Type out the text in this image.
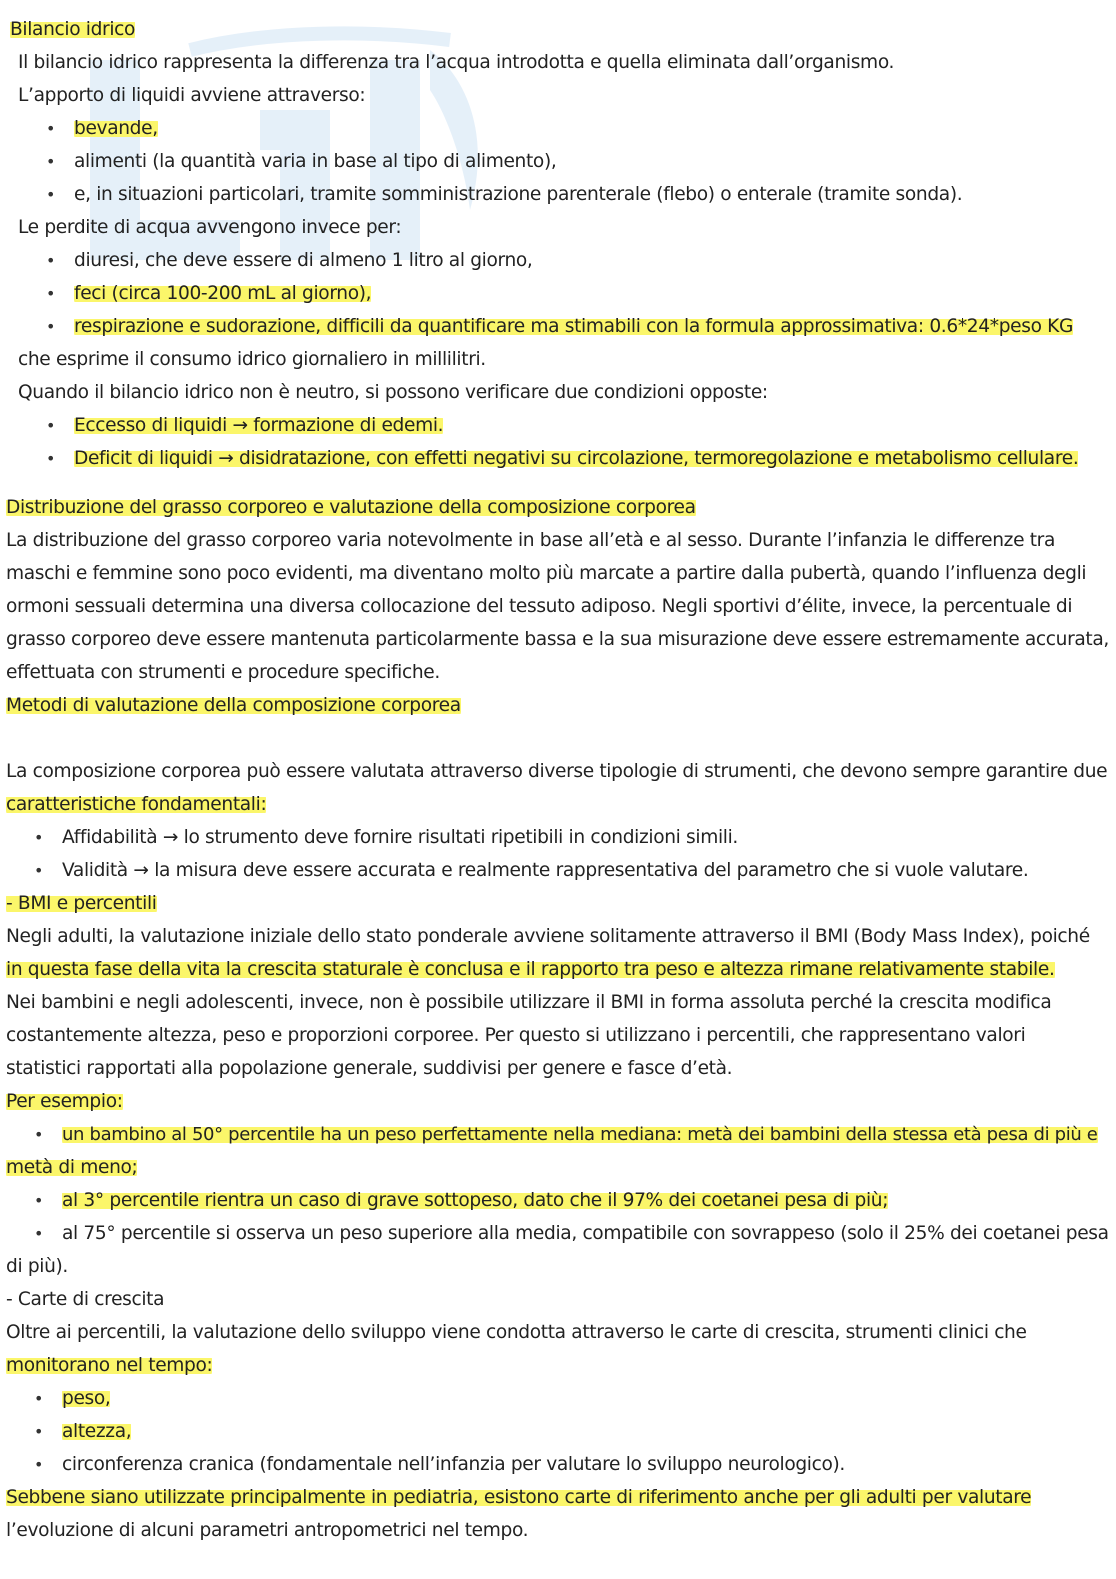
Bilancio idrico
Il bilancio idrico rappresenta la differenza tra l’acqua introdotta e quella eliminata dall’organismo.
L’apporto di liquidi avviene attraverso:
• bevande,
• alimenti (la quantità varia in base al tipo di alimento),
• e, in situazioni particolari, tramite somministrazione parenterale (flebo) o enterale (tramite sonda).
Le perdite di acqua avvengono invece per:
• diuresi, che deve essere di almeno 1 litro al giorno,
• feci (circa 100-200 mL al giorno),
• respirazione e sudorazione, difficili da quantificare ma stimabili con la formula approssimativa: 0.6*24*peso KG
che esprime il consumo idrico giornaliero in millilitri.
Quando il bilancio idrico non è neutro, si possono verificare due condizioni opposte:
• Eccesso di liquidi → formazione di edemi.
• Deficit di liquidi → disidratazione, con effetti negativi su circolazione, termoregolazione e metabolismo cellulare.
Distribuzione del grasso corporeo e valutazione della composizione corporea
La distribuzione del grasso corporeo varia notevolmente in base all’età e al sesso. Durante l’infanzia le differenze tra
maschi e femmine sono poco evidenti, ma diventano molto più marcate a partire dalla pubertà, quando l’influenza degli
ormoni sessuali determina una diversa collocazione del tessuto adiposo. Negli sportivi d’élite, invece, la percentuale di
grasso corporeo deve essere mantenuta particolarmente bassa e la sua misurazione deve essere estremamente accurata,
effettuata con strumenti e procedure specifiche.
Metodi di valutazione della composizione corporea
La composizione corporea può essere valutata attraverso diverse tipologie di strumenti, che devono sempre garantire due
caratteristiche fondamentali:
• Affidabilità → lo strumento deve fornire risultati ripetibili in condizioni simili.
• Validità → la misura deve essere accurata e realmente rappresentativa del parametro che si vuole valutare.
- BMI e percentili
Negli adulti, la valutazione iniziale dello stato ponderale avviene solitamente attraverso il BMI (Body Mass Index), poiché
in questa fase della vita la crescita staturale è conclusa e il rapporto tra peso e altezza rimane relativamente stabile.
Nei bambini e negli adolescenti, invece, non è possibile utilizzare il BMI in forma assoluta perché la crescita modifica
costantemente altezza, peso e proporzioni corporee. Per questo si utilizzano i percentili, che rappresentano valori
statistici rapportati alla popolazione generale, suddivisi per genere e fasce d’età.
Per esempio:
• un bambino al 50° percentile ha un peso perfettamente nella mediana: metà dei bambini della stessa età pesa di più e
metà di meno;
• al 3° percentile rientra un caso di grave sottopeso, dato che il 97% dei coetanei pesa di più;
• al 75° percentile si osserva un peso superiore alla media, compatibile con sovrappeso (solo il 25% dei coetanei pesa
di più).
- Carte di crescita
Oltre ai percentili, la valutazione dello sviluppo viene condotta attraverso le carte di crescita, strumenti clinici che
monitorano nel tempo:
• peso,
• altezza,
• circonferenza cranica (fondamentale nell’infanzia per valutare lo sviluppo neurologico).
Sebbene siano utilizzate principalmente in pediatria, esistono carte di riferimento anche per gli adulti per valutare
l’evoluzione di alcuni parametri antropometrici nel tempo.
